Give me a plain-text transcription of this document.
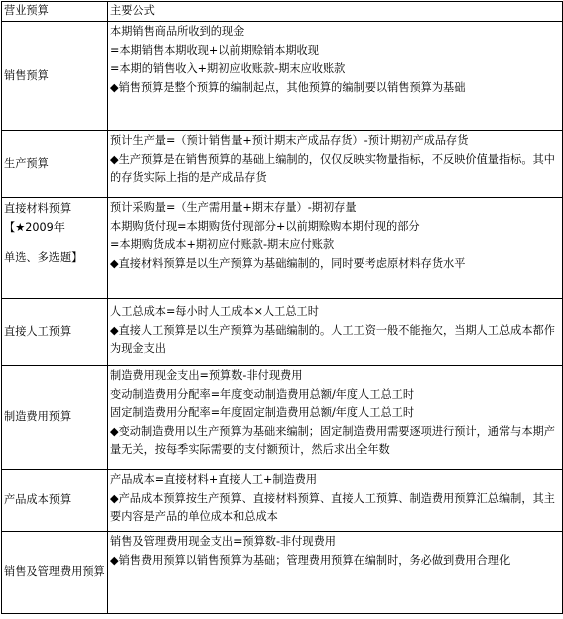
营业预算	主要公式
销售预算	本期销售商品所收到的现金
=本期销售本期收现+以前期赊销本期收现
=本期的销售收入+期初应收账款-期末应收账款
◆销售预算是整个预算的编制起点，其他预算的编制要以销售预算为基础

生产预算	预计生产量=（预计销售量+预计期末产成品存货）-预计期初产成品存货
◆生产预算是在销售预算的基础上编制的，仅仅反映实物量指标，不反映价值量指标。其中的存货实际上指的是产成品存货

直接材料预算
【★2009年
单选、多选题】	预计采购量=（生产需用量+期末存量）-期初存量
本期购货付现=本期购货付现部分+以前期赊购本期付现的部分
=本期购货成本+期初应付账款-期末应付账款
◆直接材料预算是以生产预算为基础编制的，同时要考虑原材料存货水平

直接人工预算	人工总成本=每小时人工成本×人工总工时
◆直接人工预算是以生产预算为基础编制的。人工工资一般不能拖欠，当期人工总成本都作为现金支出

制造费用预算	制造费用现金支出=预算数-非付现费用
变动制造费用分配率=年度变动制造费用总额/年度人工总工时
固定制造费用分配率=年度固定制造费用总额/年度人工总工时
◆变动制造费用以生产预算为基础来编制；固定制造费用需要逐项进行预计，通常与本期产量无关，按每季实际需要的支付额预计，然后求出全年数

产品成本预算	产品成本=直接材料+直接人工+制造费用
◆产品成本预算按生产预算、直接材料预算、直接人工预算、制造费用预算汇总编制，其主要内容是产品的单位成本和总成本

销售及管理费用预算	销售及管理费用现金支出=预算数-非付现费用
◆销售费用预算以销售预算为基础；管理费用预算在编制时，务必做到费用合理化
